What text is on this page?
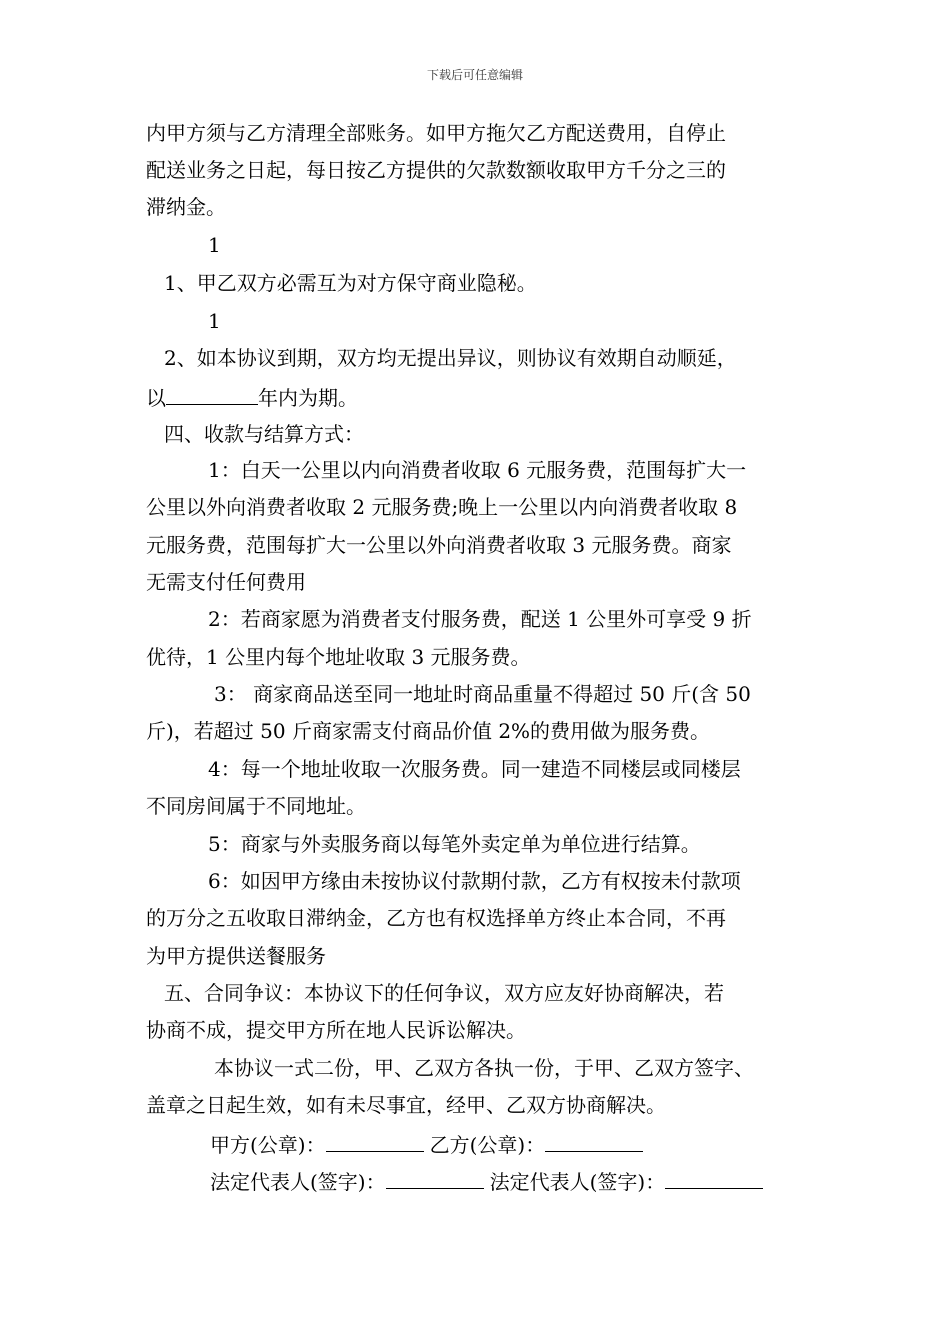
下载后可任意编辑
内甲方须与乙方清理全部账务。如甲方拖欠乙方配送费用，自停止
配送业务之日起，每日按乙方提供的欠款数额收取甲方千分之三的
滞纳金。
1
1、甲乙双方必需互为对方保守商业隐秘。
1
2、如本协议到期，双方均无提出异议，则协议有效期自动顺延，
以	年内为期。
四、收款与结算方式：
1：白天一公里以内向消费者收取 6 元服务费，范围每扩大一
公里以外向消费者收取 2 元服务费;晚上一公里以内向消费者收取 8
元服务费，范围每扩大一公里以外向消费者收取 3 元服务费。商家
无需支付任何费用
2：若商家愿为消费者支付服务费，配送 1 公里外可享受 9 折
优待，1 公里内每个地址收取 3 元服务费。
3： 商家商品送至同一地址时商品重量不得超过 50 斤(含 50
斤)，若超过 50 斤商家需支付商品价值 2%的费用做为服务费。
4：每一个地址收取一次服务费。同一建造不同楼层或同楼层
不同房间属于不同地址。
5：商家与外卖服务商以每笔外卖定单为单位进行结算。
6：如因甲方缘由未按协议付款期付款，乙方有权按未付款项
的万分之五收取日滞纳金，乙方也有权选择单方终止本合同，不再
为甲方提供送餐服务
五、合同争议：本协议下的任何争议，双方应友好协商解决，若
协商不成，提交甲方所在地人民诉讼解决。
本协议一式二份，甲、乙双方各执一份，于甲、乙双方签字、
盖章之日起生效，如有未尽事宜，经甲、乙双方协商解决。
甲方(公章)：	乙方(公章)：
法定代表人(签字)：	法定代表人(签字)：
